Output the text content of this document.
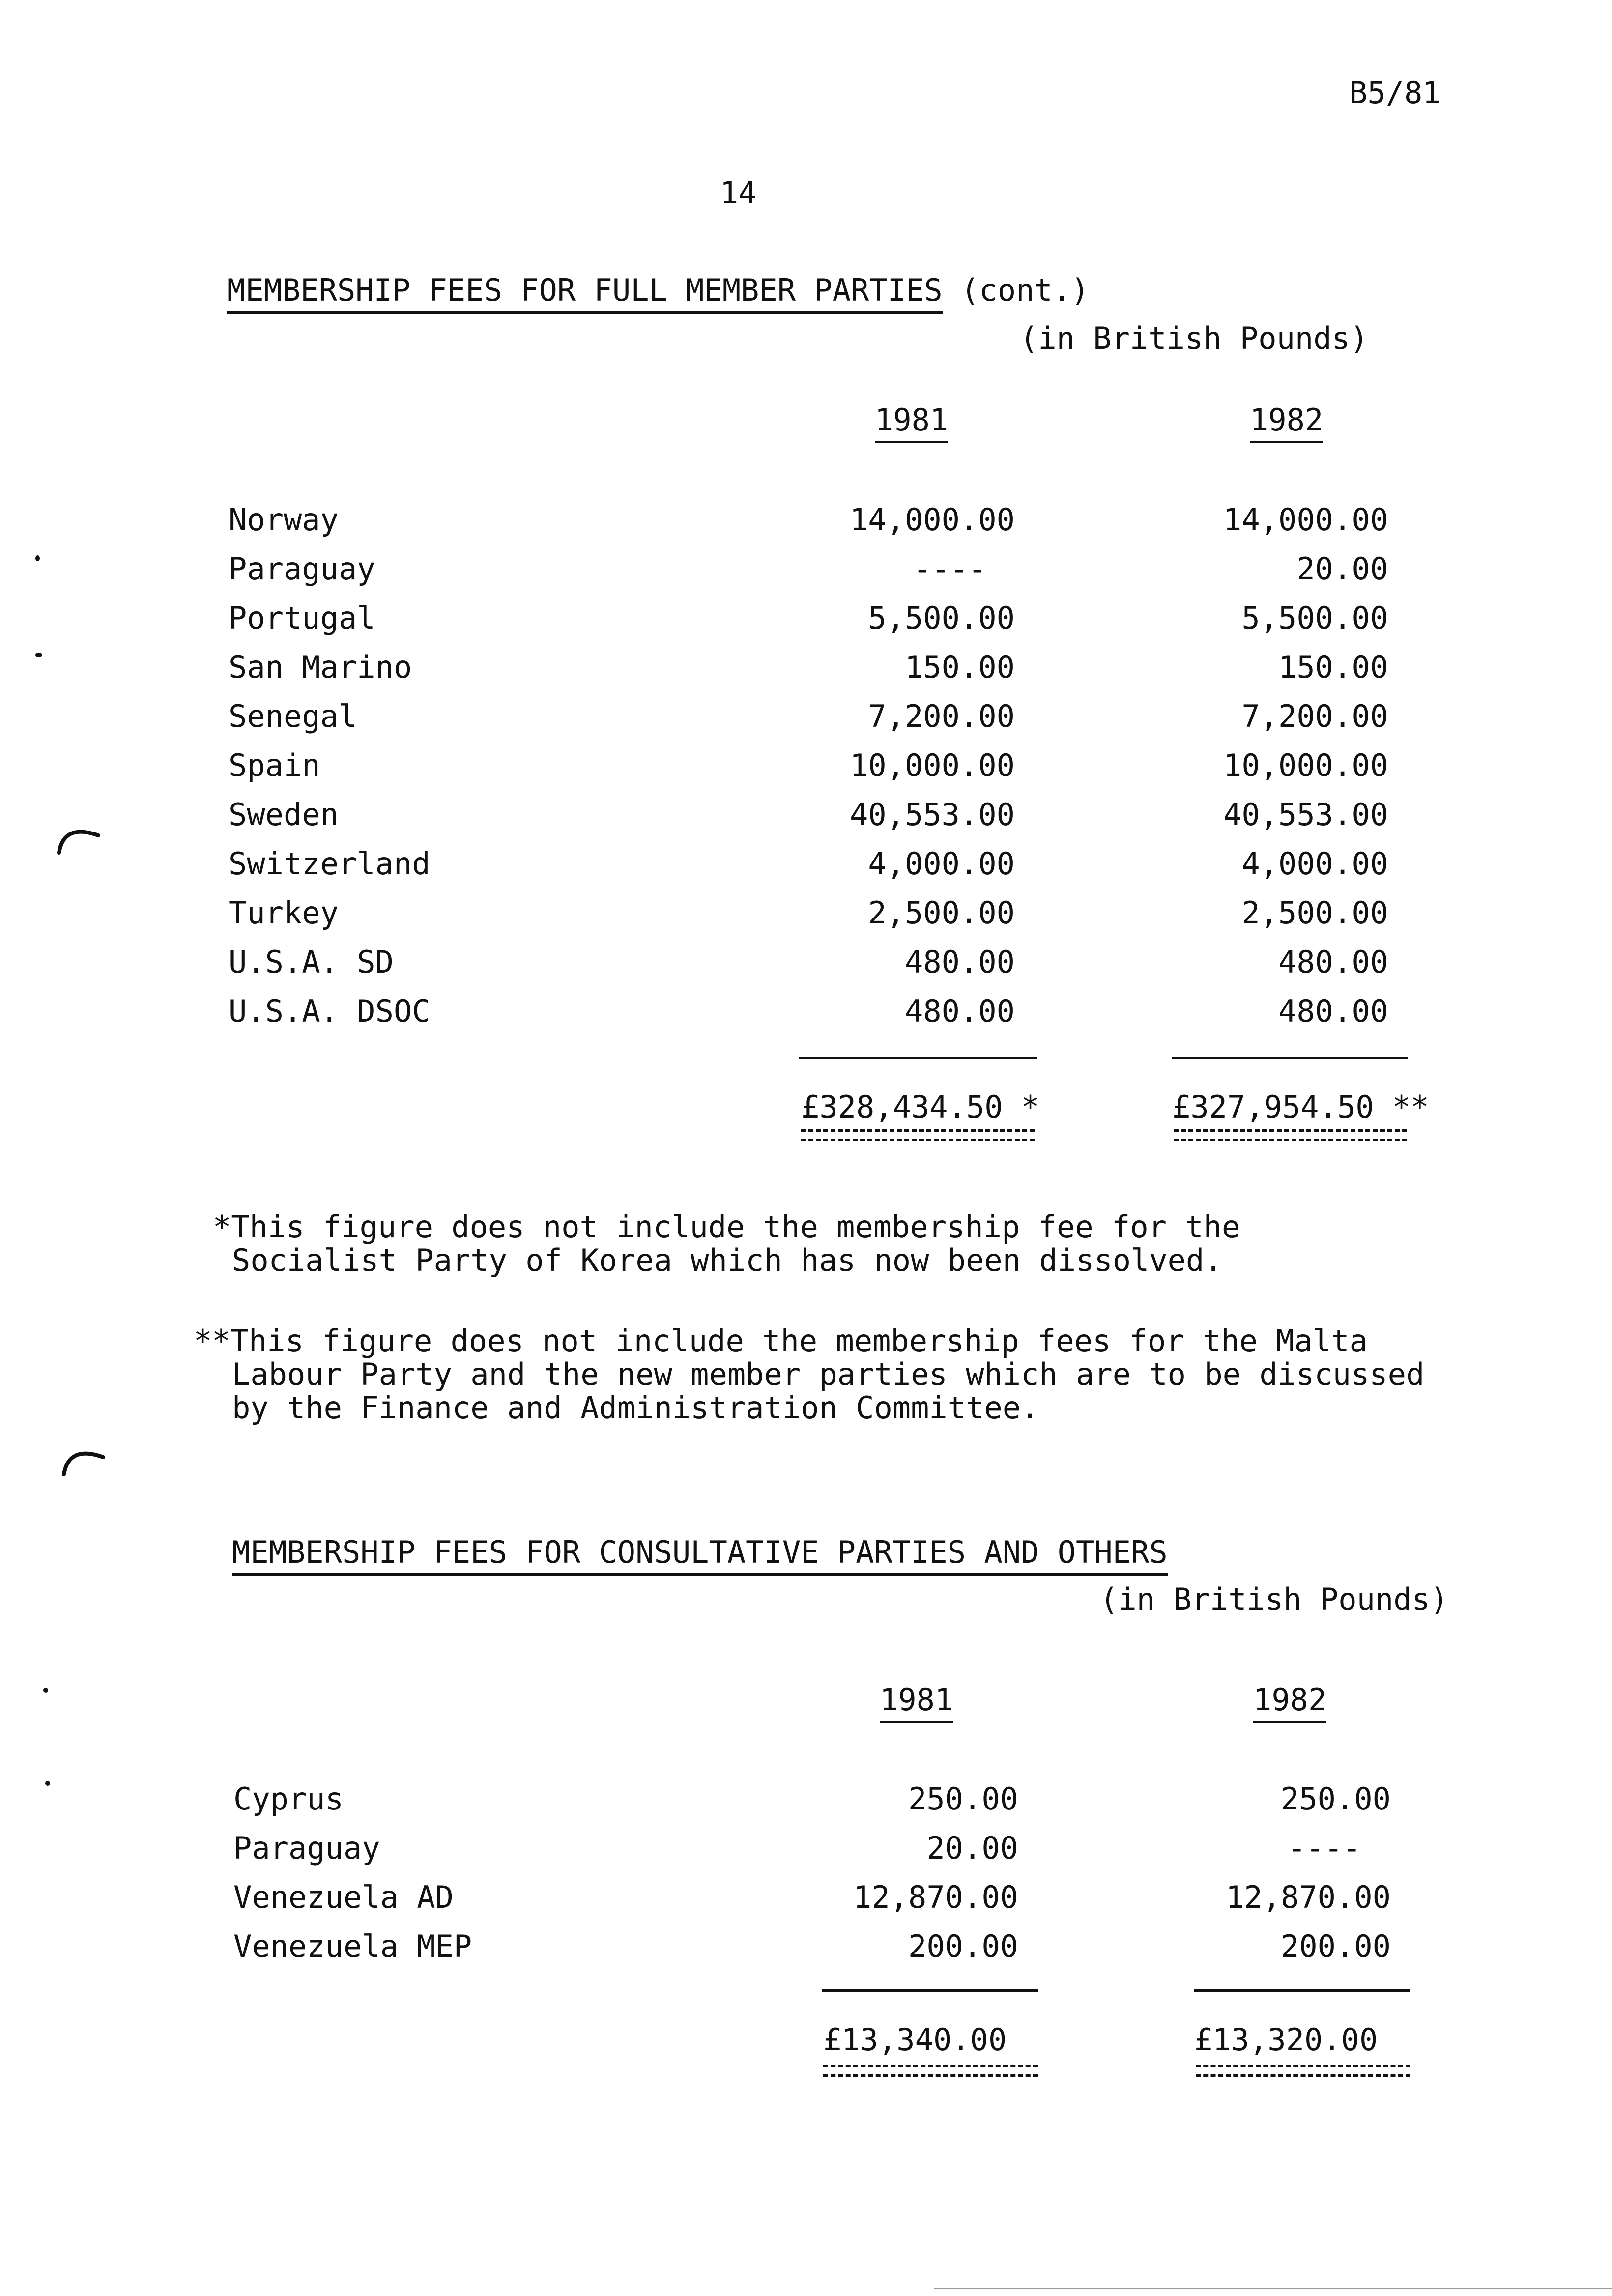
B5/81
14
MEMBERSHIP FEES FOR FULL MEMBER PARTIES (cont.)
(in British Pounds)
1981	1982
Norway	14,000.00	14,000.00
Paraguay	----	20.00
Portugal	5,500.00	5,500.00
San Marino	150.00	150.00
Senegal	7,200.00	7,200.00
Spain	10,000.00	10,000.00
Sweden	40,553.00	40,553.00
Switzerland	4,000.00	4,000.00
Turkey	2,500.00	2,500.00
U.S.A. SD	480.00	480.00
U.S.A. DSOC	480.00	480.00
£328,434.50 *	£327,954.50 **
*This figure does not include the membership fee for the
Socialist Party of Korea which has now been dissolved.
**This figure does not include the membership fees for the Malta
Labour Party and the new member parties which are to be discussed
by the Finance and Administration Committee.
MEMBERSHIP FEES FOR CONSULTATIVE PARTIES AND OTHERS
(in British Pounds)
1981	1982
Cyprus	250.00	250.00
Paraguay	20.00	----
Venezuela AD	12,870.00	12,870.00
Venezuela MEP	200.00	200.00
£13,340.00	£13,320.00
